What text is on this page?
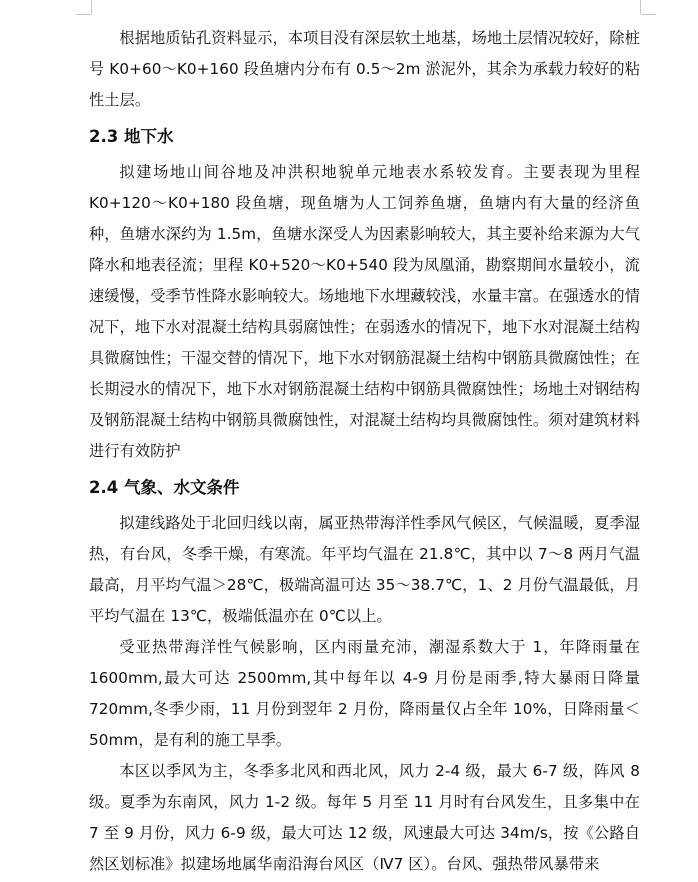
根据地质钻孔资料显示，本项目没有深层软土地基，场地土层情况较好，除桩号 K0+60～K0+160 段鱼塘内分布有 0.5～2m 淤泥外，其余为承载力较好的粘性土层。

2.3 地下水

拟建场地山间谷地及冲洪积地貌单元地表水系较发育。主要表现为里程 K0+120～K0+180 段鱼塘，现鱼塘为人工饲养鱼塘，鱼塘内有大量的经济鱼种，鱼塘水深约为 1.5m，鱼塘水深受人为因素影响较大，其主要补给来源为大气降水和地表径流；里程 K0+520～K0+540 段为凤凰涌，勘察期间水量较小，流速缓慢，受季节性降水影响较大。场地地下水埋藏较浅，水量丰富。在强透水的情况下，地下水对混凝土结构具弱腐蚀性；在弱透水的情况下，地下水对混凝土结构具微腐蚀性；干湿交替的情况下，地下水对钢筋混凝土结构中钢筋具微腐蚀性；在长期浸水的情况下，地下水对钢筋混凝土结构中钢筋具微腐蚀性；场地土对钢结构及钢筋混凝土结构中钢筋具微腐蚀性，对混凝土结构均具微腐蚀性。须对建筑材料进行有效防护

2.4 气象、水文条件

拟建线路处于北回归线以南，属亚热带海洋性季风气候区，气候温暖，夏季湿热，有台风，冬季干燥，有寒流。年平均气温在 21.8℃，其中以 7～8 两月气温最高，月平均气温＞28℃，极端高温可达 35～38.7℃，1、2 月份气温最低，月平均气温在 13℃，极端低温亦在 0℃以上。

受亚热带海洋性气候影响，区内雨量充沛，潮湿系数大于 1，年降雨量在 1600mm,最大可达 2500mm,其中每年以 4-9 月份是雨季,特大暴雨日降量 720mm,冬季少雨，11 月份到翌年 2 月份，降雨量仅占全年 10%，日降雨量＜50mm，是有利的施工旱季。

本区以季风为主，冬季多北风和西北风，风力 2-4 级，最大 6-7 级，阵风 8 级。夏季为东南风，风力 1-2 级。每年 5 月至 11 月时有台风发生，且多集中在 7 至 9 月份，风力 6-9 级，最大可达 12 级，风速最大可达 34m/s，按《公路自然区划标准》拟建场地属华南沿海台风区（Ⅳ7 区）。台风、强热带风暴带来
